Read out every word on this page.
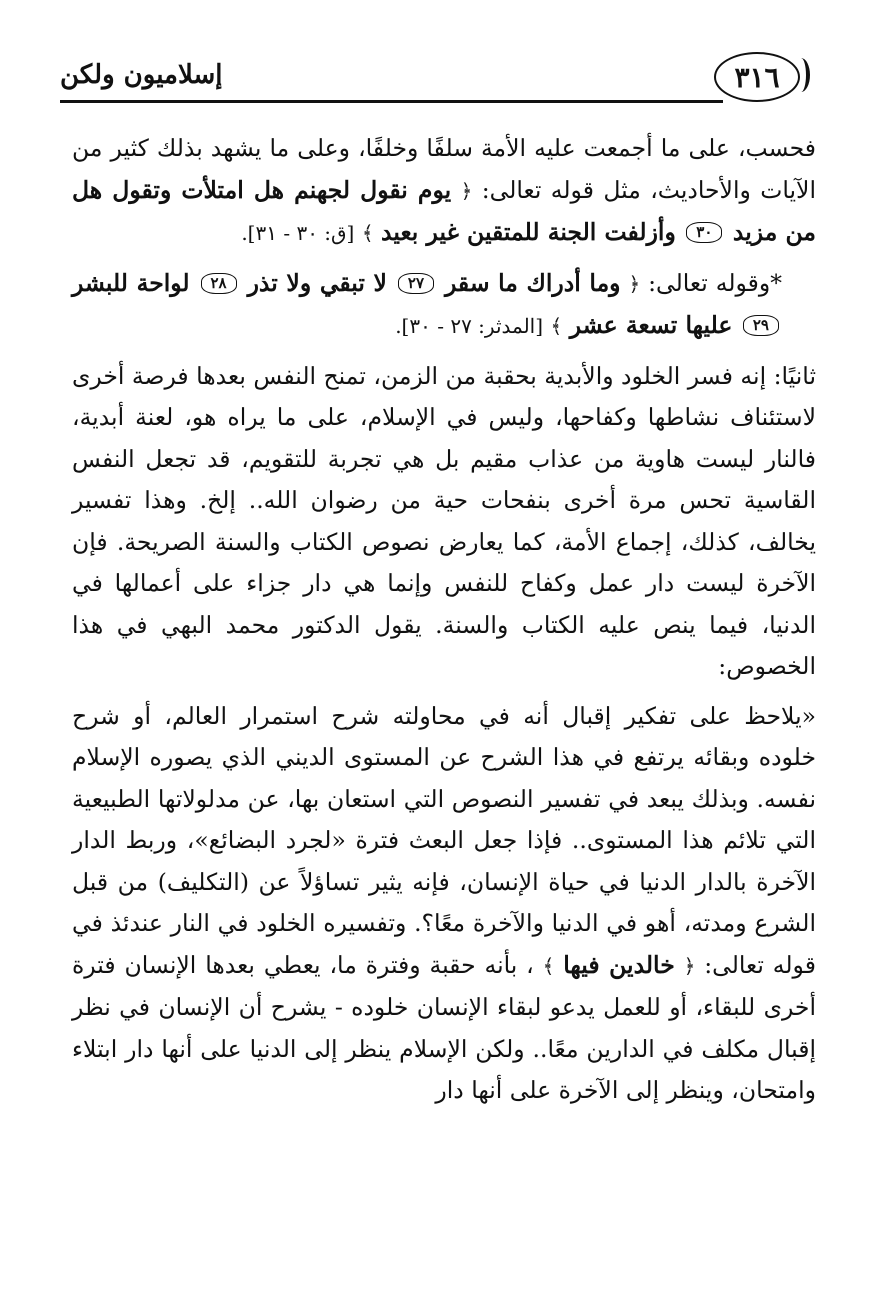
٣١٦
إسلاميون ولكن

فحسب، على ما أجمعت عليه الأمة سلفًا وخلفًا، وعلى ما يشهد بذلك كثير من الآيات والأحاديث، مثل قوله تعالى: ﴿ يوم نقول لجهنم هل امتلأت وتقول هل من مزيد ٣٠ وأزلفت الجنة للمتقين غير بعيد ﴾ [ق: ٣٠ - ٣١].

*وقوله تعالى: ﴿ وما أدراك ما سقر ٢٧ لا تبقي ولا تذر ٢٨ لواحة للبشر ٢٩ عليها تسعة عشر ﴾ [المدثر: ٢٧ - ٣٠].

ثانيًا: إنه فسر الخلود والأبدية بحقبة من الزمن، تمنح النفس بعدها فرصة أخرى لاستئناف نشاطها وكفاحها، وليس في الإسلام، على ما يراه هو، لعنة أبدية، فالنار ليست هاوية من عذاب مقيم بل هي تجربة للتقويم، قد تجعل النفس القاسية تحس مرة أخرى بنفحات حية من رضوان الله.. إلخ. وهذا تفسير يخالف، كذلك، إجماع الأمة، كما يعارض نصوص الكتاب والسنة الصريحة. فإن الآخرة ليست دار عمل وكفاح للنفس وإنما هي دار جزاء على أعمالها في الدنيا، فيما ينص عليه الكتاب والسنة. يقول الدكتور محمد البهي في هذا الخصوص:

«يلاحظ على تفكير إقبال أنه في محاولته شرح استمرار العالم، أو شرح خلوده وبقائه يرتفع في هذا الشرح عن المستوى الديني الذي يصوره الإسلام نفسه. وبذلك يبعد في تفسير النصوص التي استعان بها، عن مدلولاتها الطبيعية التي تلائم هذا المستوى.. فإذا جعل البعث فترة «لجرد البضائع»، وربط الدار الآخرة بالدار الدنيا في حياة الإنسان، فإنه يثير تساؤلاً عن (التكليف) من قبل الشرع ومدته، أهو في الدنيا والآخرة معًا؟. وتفسيره الخلود في النار عندئذ في قوله تعالى: ﴿ خالدين فيها ﴾ ، بأنه حقبة وفترة ما، يعطي بعدها الإنسان فترة أخرى للبقاء، أو للعمل يدعو لبقاء الإنسان خلوده - يشرح أن الإنسان في نظر إقبال مكلف في الدارين معًا.. ولكن الإسلام ينظر إلى الدنيا على أنها دار ابتلاء وامتحان، وينظر إلى الآخرة على أنها دار
